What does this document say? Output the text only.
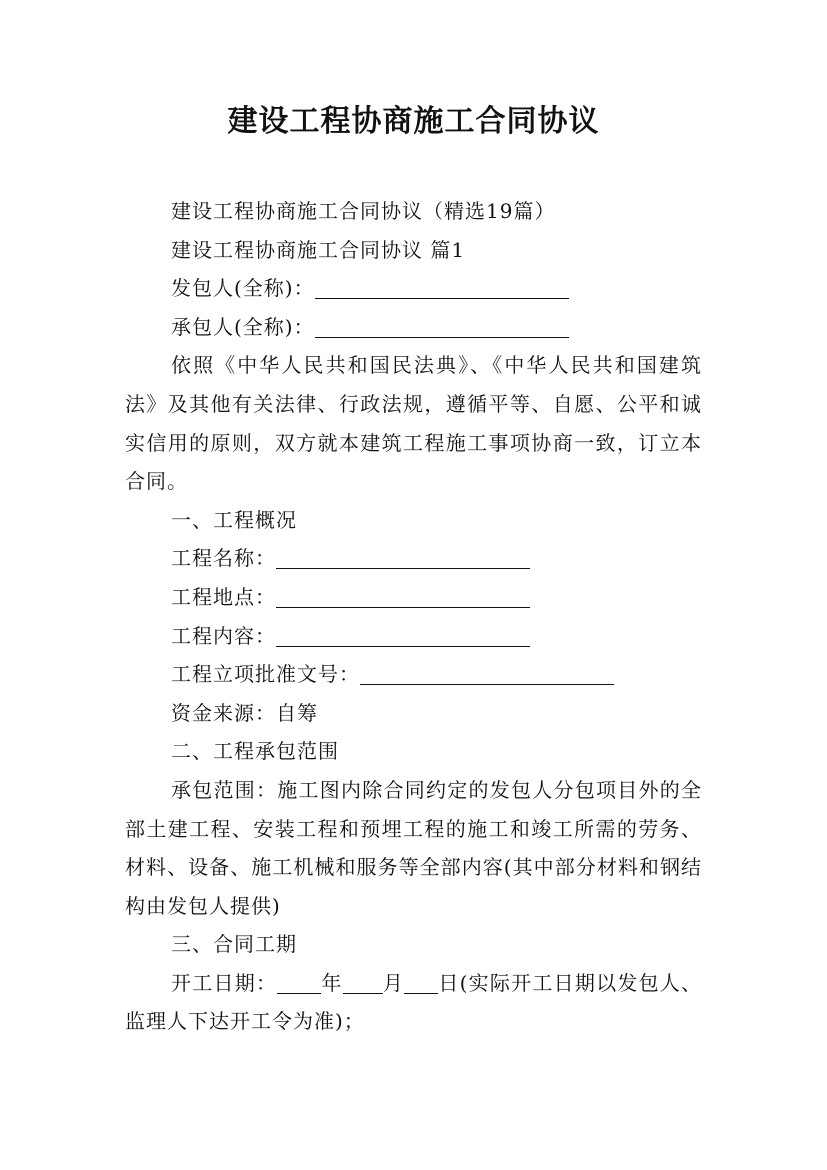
建设工程协商施工合同协议

建设工程协商施工合同协议（精选19篇）

建设工程协商施工合同协议 篇1

发包人(全称)：

承包人(全称)：

依照《中华人民共和国民法典》、《中华人民共和国建筑法》及其他有关法律、行政法规，遵循平等、自愿、公平和诚实信用的原则，双方就本建筑工程施工事项协商一致，订立本合同。

一、工程概况

工程名称：

工程地点：

工程内容：

工程立项批准文号：

资金来源：自筹

二、工程承包范围

承包范围：施工图内除合同约定的发包人分包项目外的全部土建工程、安装工程和预埋工程的施工和竣工所需的劳务、材料、设备、施工机械和服务等全部内容(其中部分材料和钢结构由发包人提供)

三、合同工期

开工日期： 年 月 日(实际开工日期以发包人、监理人下达开工令为准)；
